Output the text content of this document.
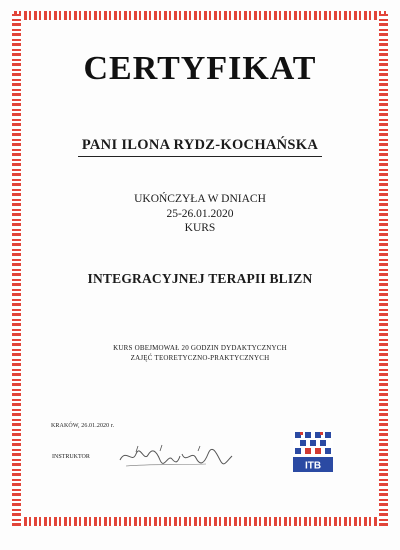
CERTYFIKAT
PANI ILONA RYDZ-KOCHAŃSKA
UKOŃCZYŁA W DNIACH
25-26.01.2020
KURS
INTEGRACYJNEJ TERAPII BLIZN
KURS OBEJMOWAŁ 20 GODZIN DYDAKTYCZNYCH
ZAJĘĆ TEORETYCZNO-PRAKTYCZNYCH
KRAKÓW, 26.01.2020 r.
INSTRUKTOR
ITB
